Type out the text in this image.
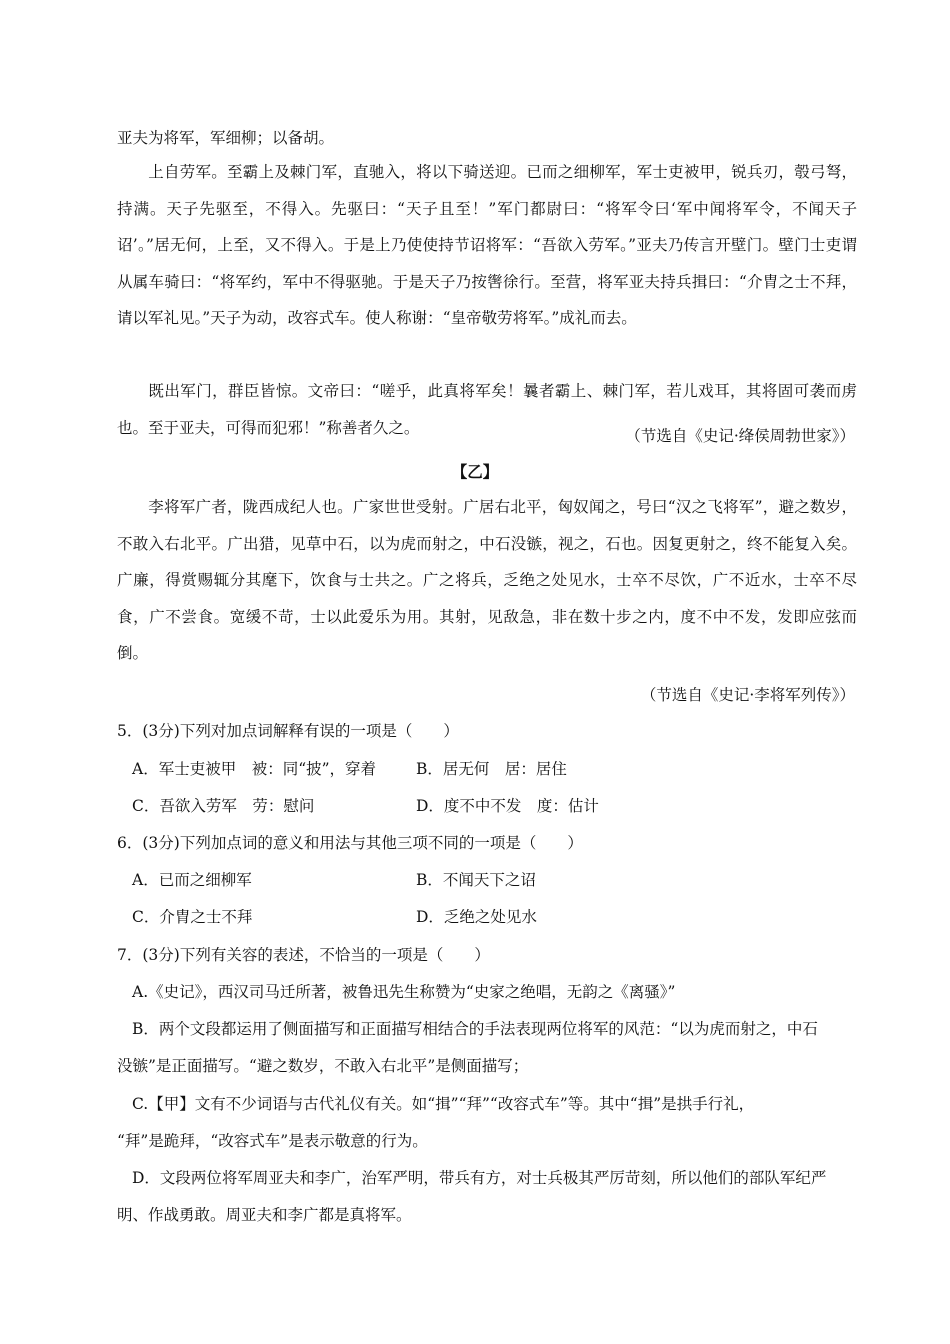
亚夫为将军，军细柳；以备胡。
上自劳军。至霸上及棘门军，直驰入，将以下骑送迎。已而之细柳军，军士吏被甲，锐兵刃，彀弓弩，持满。天子先驱至，不得入。先驱曰：“天子且至！”军门都尉曰：“将军令曰‘军中闻将军令，不闻天子诏’。”居无何，上至，又不得入。于是上乃使使持节诏将军：“吾欲入劳军。”亚夫乃传言开壁门。壁门士吏谓从属车骑曰：“将军约，军中不得驱驰。于是天子乃按辔徐行。至营，将军亚夫持兵揖曰：“介胄之士不拜，请以军礼见。”天子为动，改容式车。使人称谢：“皇帝敬劳将军。”成礼而去。
既出军门，群臣皆惊。文帝曰：“嗟乎，此真将军矣！曩者霸上、棘门军，若儿戏耳，其将固可袭而虏也。至于亚夫，可得而犯邪！”称善者久之。	（节选自《史记·绛侯周勃世家》）
【乙】
李将军广者，陇西成纪人也。广家世世受射。广居右北平，匈奴闻之，号曰“汉之飞将军”，避之数岁，不敢入右北平。广出猎，见草中石，以为虎而射之，中石没镞，视之，石也。因复更射之，终不能复入矣。广廉，得赏赐辄分其麾下，饮食与士共之。广之将兵，乏绝之处见水，士卒不尽饮，广不近水，士卒不尽食，广不尝食。宽缓不苛，士以此爱乐为用。其射，见敌急，非在数十步之内，度不中不发，发即应弦而倒。
（节选自《史记·李将军列传》）
5．(3分)下列对加点词解释有误的一项是（　　）
A．军士吏被甲　被：同“披”，穿着	B．居无何　居：居住
C．吾欲入劳军　劳：慰问	D．度不中不发　度：估计
6．(3分)下列加点词的意义和用法与其他三项不同的一项是（　　）
A．已而之细柳军	B．不闻天下之诏
C．介胄之士不拜	D．乏绝之处见水
7．(3分)下列有关容的表述，不恰当的一项是（　　）
A.《史记》，西汉司马迁所著，被鲁迅先生称赞为“史家之绝唱，无韵之《离骚》”
B．两个文段都运用了侧面描写和正面描写相结合的手法表现两位将军的风范：“以为虎而射之，中石
没镞”是正面描写。“避之数岁，不敢入右北平”是侧面描写；
C.【甲】文有不少词语与古代礼仪有关。如“揖”“拜”“改容式车”等。其中“揖”是拱手行礼，
“拜”是跪拜，“改容式车”是表示敬意的行为。
D．文段两位将军周亚夫和李广，治军严明，带兵有方，对士兵极其严厉苛刻，所以他们的部队军纪严
明、作战勇敢。周亚夫和李广都是真将军。
